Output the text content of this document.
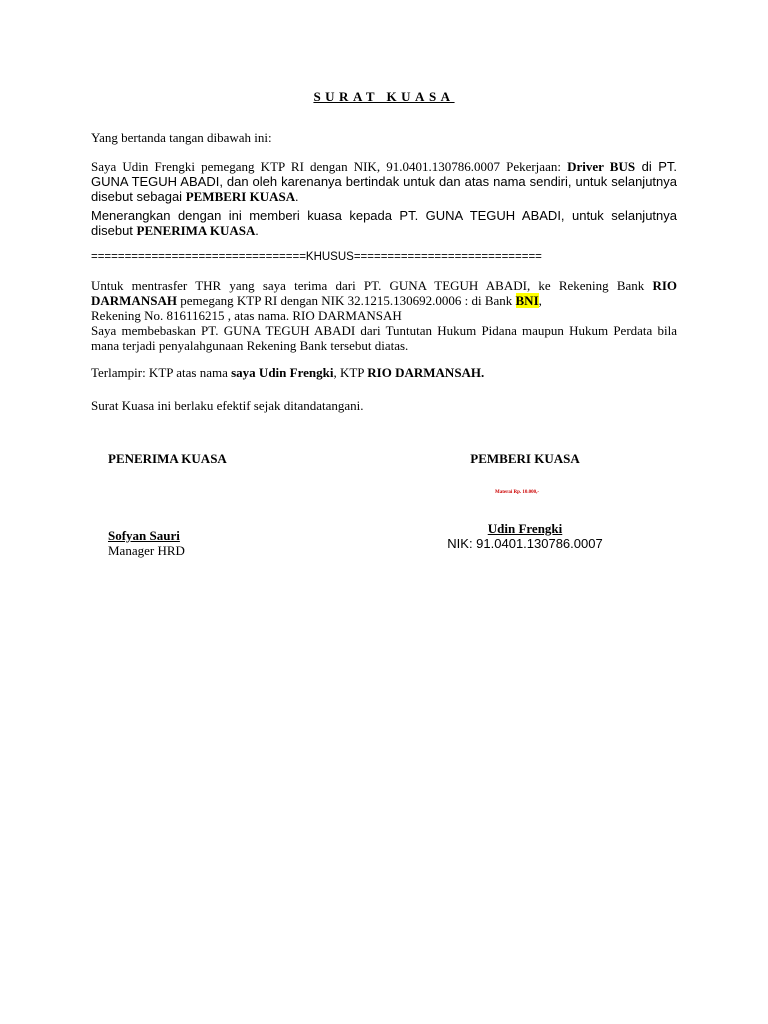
SURAT KUASA

Yang bertanda tangan dibawah ini:

Saya Udin Frengki pemegang KTP RI dengan NIK, 91.0401.130786.0007 Pekerjaan: Driver BUS di PT. GUNA TEGUH ABADI, dan oleh karenanya bertindak untuk dan atas nama sendiri, untuk selanjutnya disebut sebagai PEMBERI KUASA.

Menerangkan dengan ini memberi kuasa kepada PT. GUNA TEGUH ABADI, untuk selanjutnya disebut PENERIMA KUASA.

================================KHUSUS============================

Untuk mentrasfer THR yang saya terima dari PT. GUNA TEGUH ABADI, ke Rekening Bank RIO DARMANSAH pemegang KTP RI dengan NIK 32.1215.130692.0006 : di Bank BNI,

Rekening No. 816116215 , atas nama. RIO DARMANSAH

Saya membebaskan PT. GUNA TEGUH ABADI dari Tuntutan Hukum Pidana maupun Hukum Perdata bila mana terjadi penyalahgunaan Rekening Bank tersebut diatas.

Terlampir: KTP atas nama saya Udin Frengki, KTP RIO DARMANSAH.

Surat Kuasa ini berlaku efektif sejak ditandatangani.

PENERIMA KUASA
Sofyan Sauri
Manager HRD
PEMBERI KUASA
Materai Rp. 10.000,-
Udin Frengki
NIK: 91.0401.130786.0007
